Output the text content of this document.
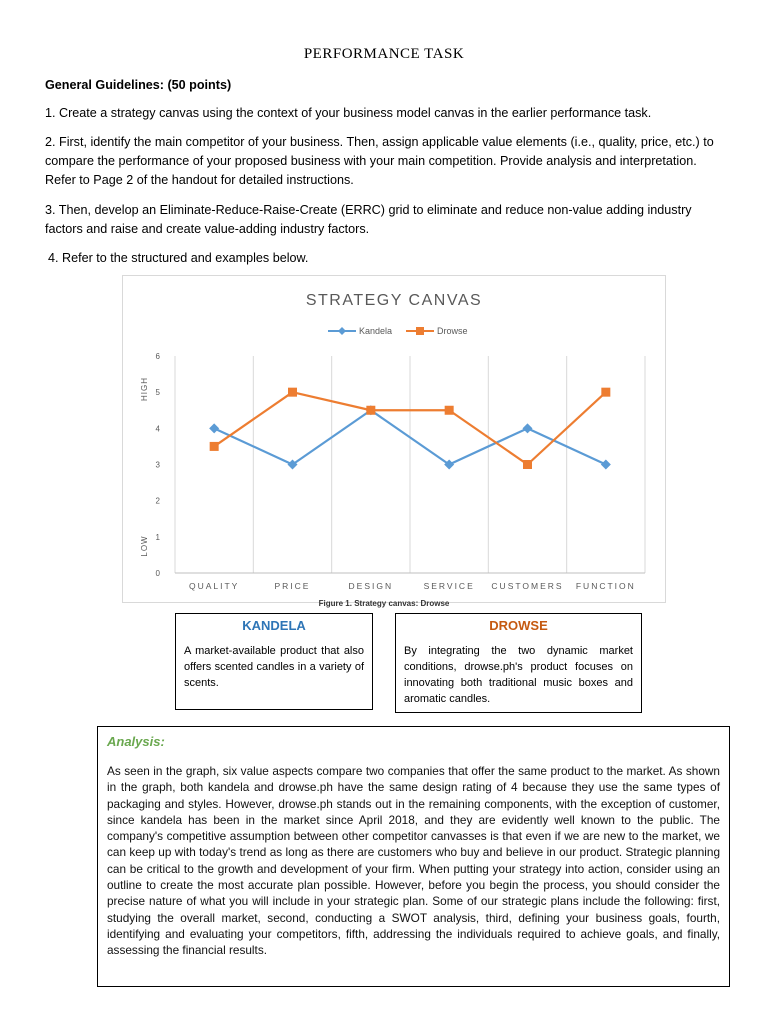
PERFORMANCE TASK
General Guidelines: (50 points)
1. Create a strategy canvas using the context of your business model canvas in the earlier performance task.
2. First, identify the main competitor of your business. Then, assign applicable value elements (i.e., quality, price, etc.) to compare the performance of your proposed business with your main competition. Provide analysis and interpretation. Refer to Page 2 of the handout for detailed instructions.
3. Then, develop an Eliminate-Reduce-Raise-Create (ERRC) grid to eliminate and reduce non-value adding industry factors and raise and create value-adding industry factors.
4. Refer to the structured and examples below.
STRATEGY CANVAS
Kandela	Drowse
0
1
2
3
4
5
6
QUALITY	PRICE	DESIGN	SERVICE CUSTOMERS FUNCTION
HIGH
LOW
Figure 1. Strategy canvas: Drowse
KANDELA
A market-available product that also offers scented candles in a variety of scents.
DROWSE
By integrating the two dynamic market conditions, drowse.ph's product focuses on innovating both traditional music boxes and aromatic candles.
Analysis:
As seen in the graph, six value aspects compare two companies that offer the same product to the market. As shown in the graph, both kandela and drowse.ph have the same design rating of 4 because they use the same types of packaging and styles. However, drowse.ph stands out in the remaining components, with the exception of customer, since kandela has been in the market since April 2018, and they are evidently well known to the public. The company's competitive assumption between other competitor canvasses is that even if we are new to the market, we can keep up with today's trend as long as there are customers who buy and believe in our product. Strategic planning can be critical to the growth and development of your firm. When putting your strategy into action, consider using an outline to create the most accurate plan possible. However, before you begin the process, you should consider the precise nature of what you will include in your strategic plan. Some of our strategic plans include the following: first, studying the overall market, second, conducting a SWOT analysis, third, defining your business goals, fourth, identifying and evaluating your competitors, fifth, addressing the individuals required to achieve goals, and finally, assessing the financial results.
